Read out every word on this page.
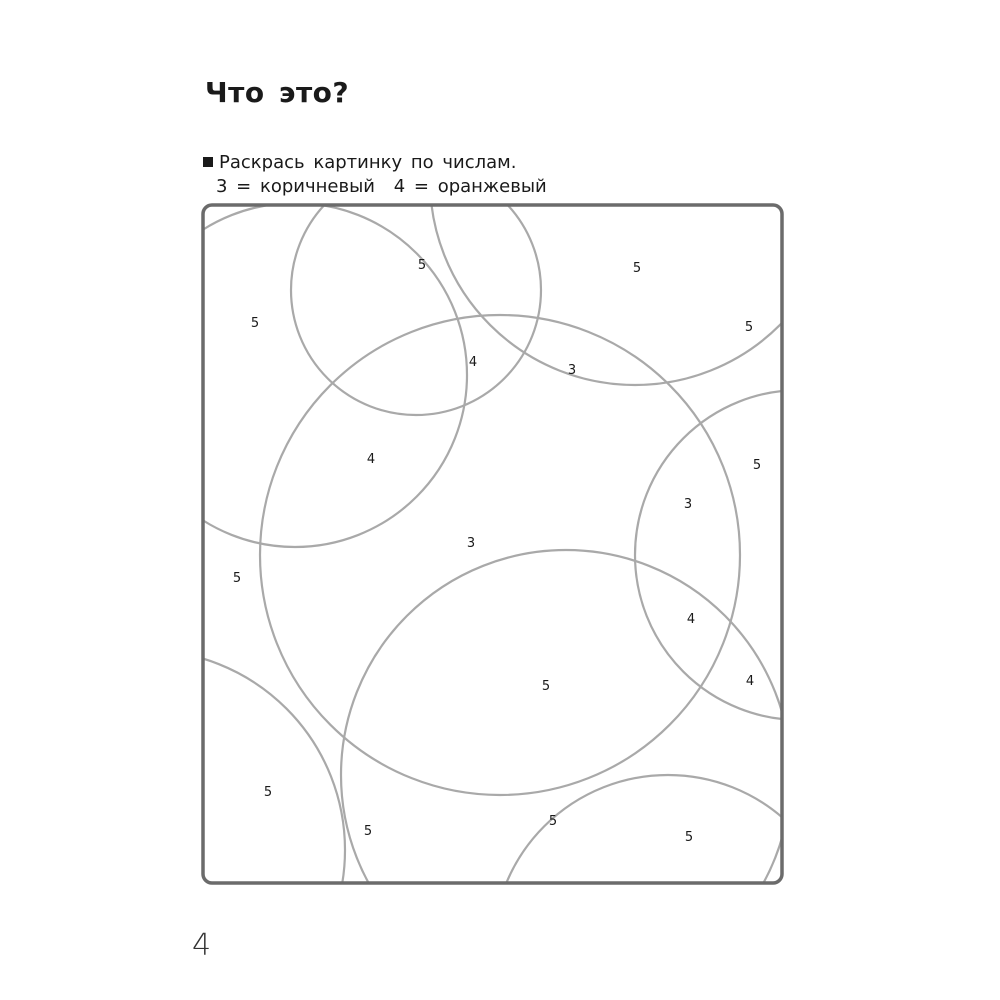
Что это?
Раскрась картинку по числам.
3 = коричневый 4 = оранжевый
5
5	5
4
3
5
4
3
5
3
5
4
5	4
5
5
5
5
4
